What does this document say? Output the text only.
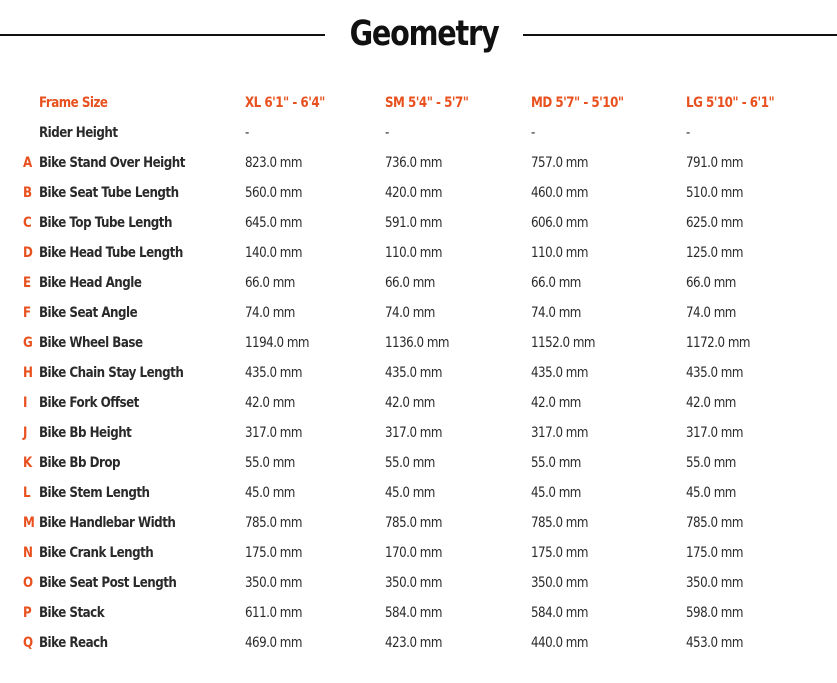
Geometry
Frame Size	XL 6'1" - 6'4"	SM 5'4" - 5'7"	MD 5'7" - 5'10"	LG 5'10" - 6'1"
Rider Height	-	-	-	-
A Bike Stand Over Height	823.0 mm	736.0 mm	757.0 mm	791.0 mm
B Bike Seat Tube Length	560.0 mm	420.0 mm	460.0 mm	510.0 mm
C Bike Top Tube Length	645.0 mm	591.0 mm	606.0 mm	625.0 mm
D Bike Head Tube Length	140.0 mm	110.0 mm	110.0 mm	125.0 mm
E Bike Head Angle	66.0 mm	66.0 mm	66.0 mm	66.0 mm
F Bike Seat Angle	74.0 mm	74.0 mm	74.0 mm	74.0 mm
G Bike Wheel Base	1194.0 mm	1136.0 mm	1152.0 mm	1172.0 mm
H Bike Chain Stay Length	435.0 mm	435.0 mm	435.0 mm	435.0 mm
I Bike Fork Offset	42.0 mm	42.0 mm	42.0 mm	42.0 mm
J Bike Bb Height	317.0 mm	317.0 mm	317.0 mm	317.0 mm
K Bike Bb Drop	55.0 mm	55.0 mm	55.0 mm	55.0 mm
L Bike Stem Length	45.0 mm	45.0 mm	45.0 mm	45.0 mm
M Bike Handlebar Width	785.0 mm	785.0 mm	785.0 mm	785.0 mm
N Bike Crank Length	175.0 mm	170.0 mm	175.0 mm	175.0 mm
O Bike Seat Post Length	350.0 mm	350.0 mm	350.0 mm	350.0 mm
P Bike Stack	611.0 mm	584.0 mm	584.0 mm	598.0 mm
Q Bike Reach	469.0 mm	423.0 mm	440.0 mm	453.0 mm
